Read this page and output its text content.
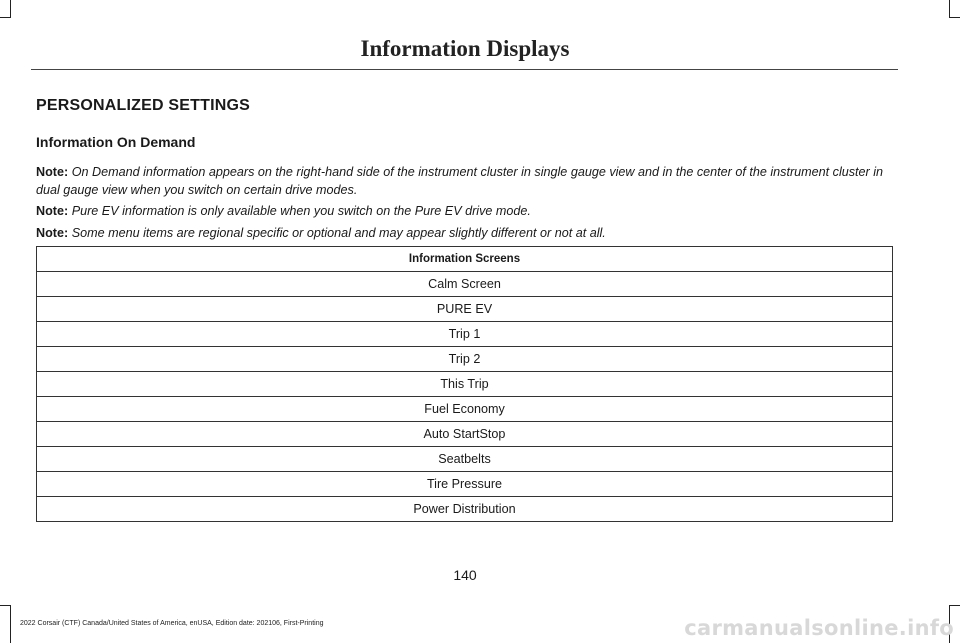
Information Displays
PERSONALIZED SETTINGS
Information On Demand
Note: On Demand information appears on the right-hand side of the instrument cluster in single gauge view and in the center of the instrument cluster in dual gauge view when you switch on certain drive modes.
Note: Pure EV information is only available when you switch on the Pure EV drive mode.
Note: Some menu items are regional specific or optional and may appear slightly different or not at all.
Information Screens
Calm Screen
PURE EV
Trip 1
Trip 2
This Trip
Fuel Economy
Auto StartStop
Seatbelts
Tire Pressure
Power Distribution
140
2022 Corsair (CTF) Canada/United States of America, enUSA, Edition date: 202106, First-Printing	carmanualsonline.info
